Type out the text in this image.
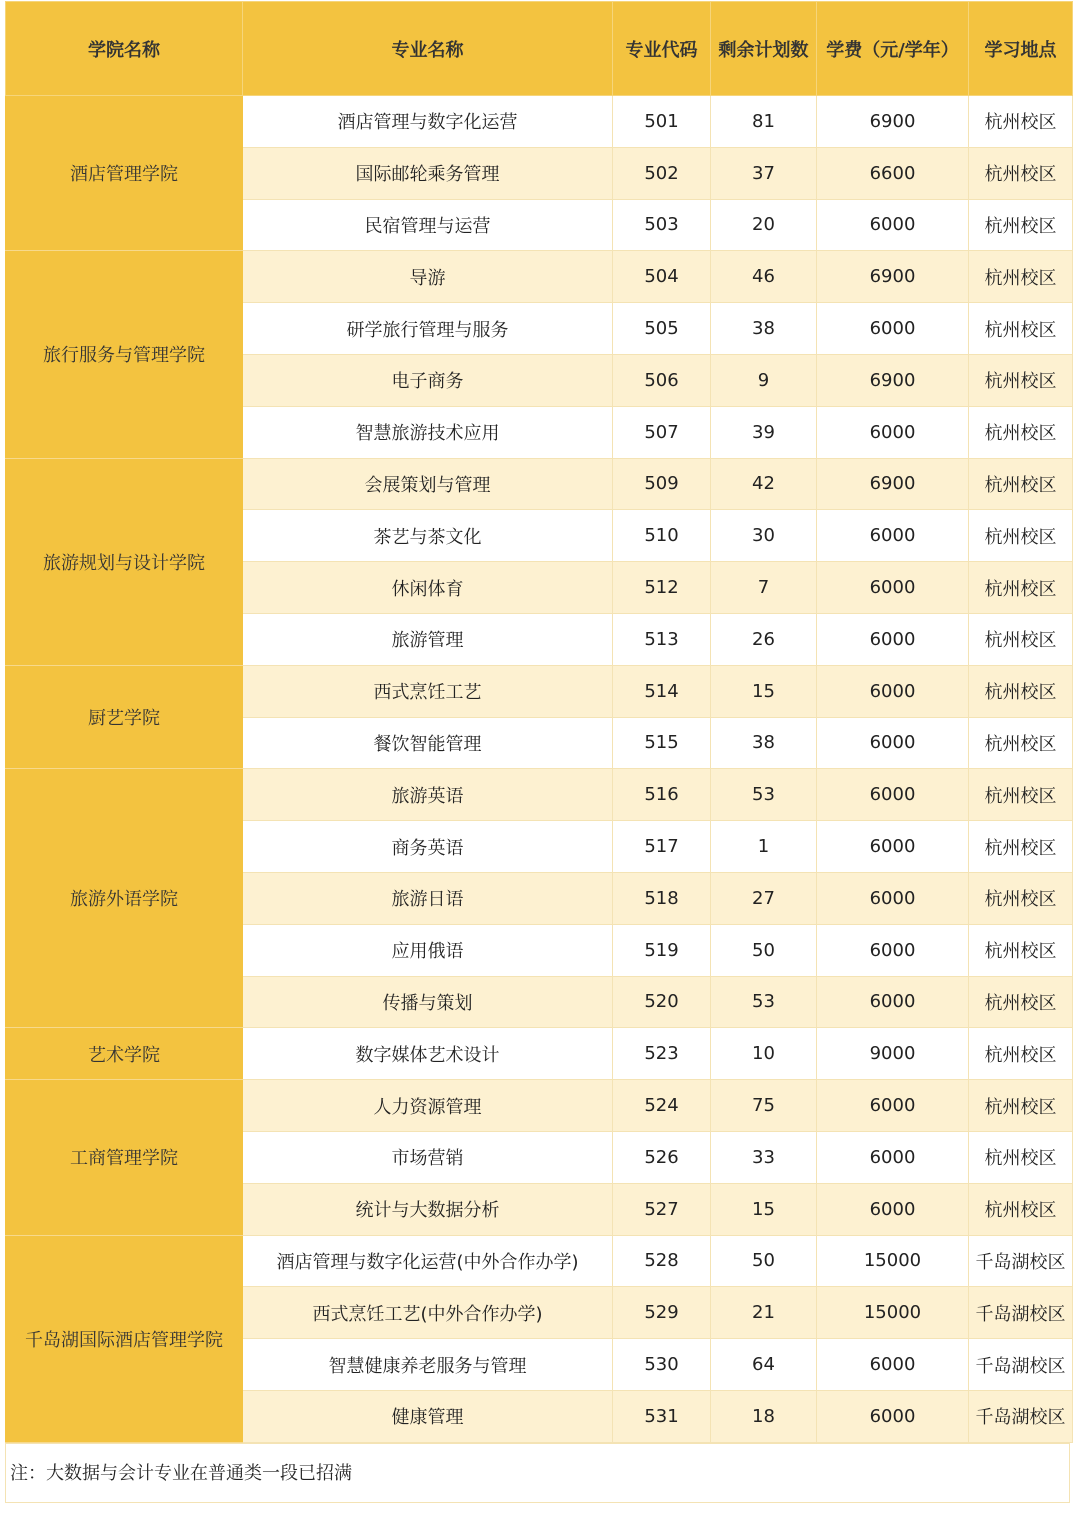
学院名称	专业名称	专业代码	剩余计划数	学费（元/学年）	学习地点
酒店管理学院	酒店管理与数字化运营	501	81	6900	杭州校区
	国际邮轮乘务管理	502	37	6600	杭州校区
	民宿管理与运营	503	20	6000	杭州校区
旅行服务与管理学院	导游	504	46	6900	杭州校区
	研学旅行管理与服务	505	38	6000	杭州校区
	电子商务	506	9	6900	杭州校区
	智慧旅游技术应用	507	39	6000	杭州校区
旅游规划与设计学院	会展策划与管理	509	42	6900	杭州校区
	茶艺与茶文化	510	30	6000	杭州校区
	休闲体育	512	7	6000	杭州校区
	旅游管理	513	26	6000	杭州校区
厨艺学院	西式烹饪工艺	514	15	6000	杭州校区
	餐饮智能管理	515	38	6000	杭州校区
旅游外语学院	旅游英语	516	53	6000	杭州校区
	商务英语	517	1	6000	杭州校区
	旅游日语	518	27	6000	杭州校区
	应用俄语	519	50	6000	杭州校区
	传播与策划	520	53	6000	杭州校区
艺术学院	数字媒体艺术设计	523	10	9000	杭州校区
工商管理学院	人力资源管理	524	75	6000	杭州校区
	市场营销	526	33	6000	杭州校区
	统计与大数据分析	527	15	6000	杭州校区
千岛湖国际酒店管理学院	酒店管理与数字化运营(中外合作办学)	528	50	15000	千岛湖校区
	西式烹饪工艺(中外合作办学)	529	21	15000	千岛湖校区
	智慧健康养老服务与管理	530	64	6000	千岛湖校区
	健康管理	531	18	6000	千岛湖校区
注：大数据与会计专业在普通类一段已招满
